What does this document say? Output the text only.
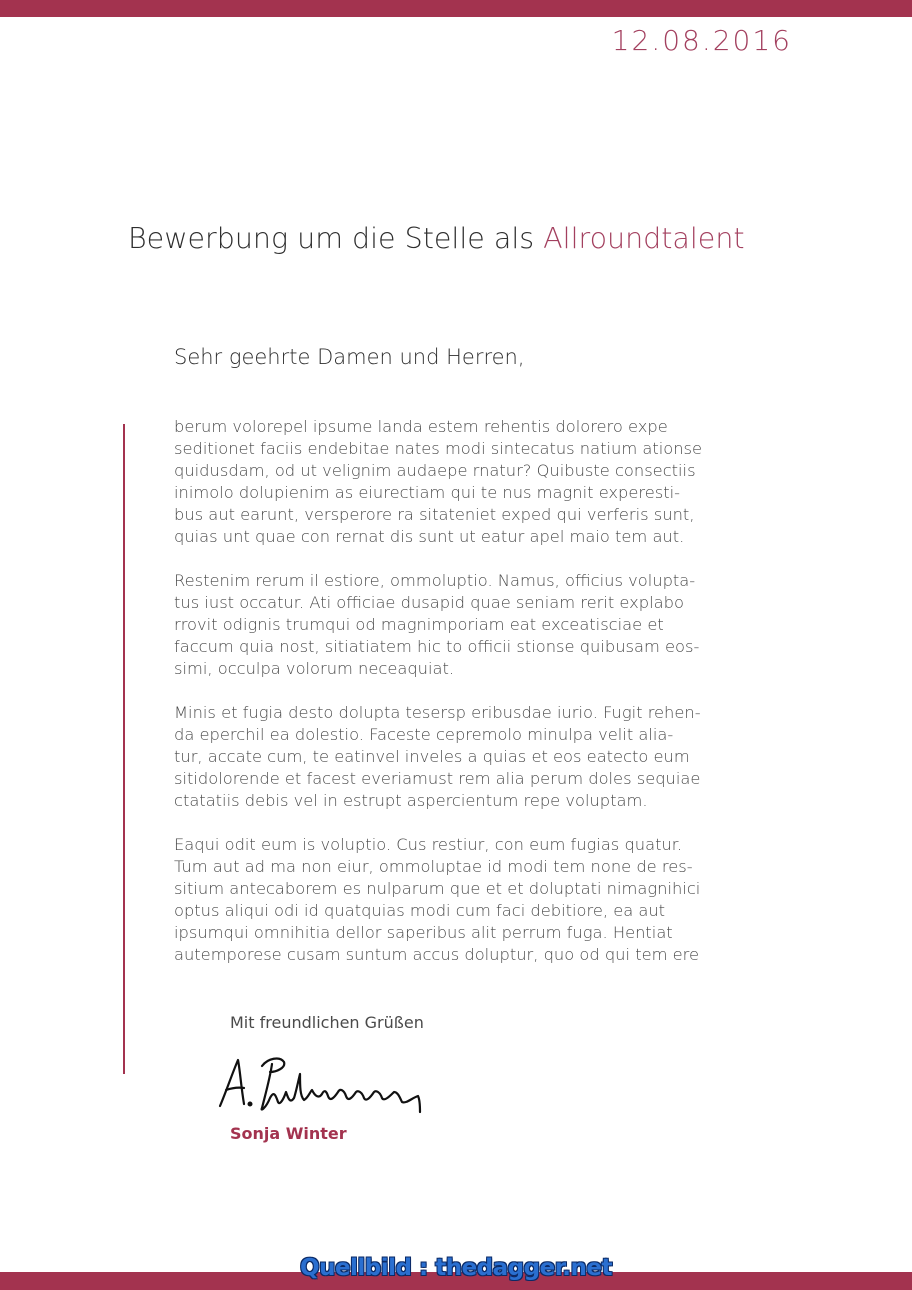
12.08.2016
Bewerbung um die Stelle als Allroundtalent
Sehr geehrte Damen und Herren,

berum volorepel ipsume landa estem rehentis dolorero expe
seditionet faciis endebitae nates modi sintecatus natium ationse
quidusdam, od ut velignim audaepe rnatur? Quibuste consectiis
inimolo dolupienim as eiurectiam qui te nus magnit experesti-
bus aut earunt, versperore ra sitateniet exped qui verferis sunt,
quias unt quae con rernat dis sunt ut eatur apel maio tem aut.

Restenim rerum il estiore, ommoluptio. Namus, officius volupta-
tus iust occatur. Ati officiae dusapid quae seniam rerit explabo
rrovit odignis trumqui od magnimporiam eat exceatisciae et
faccum quia nost, sitiatiatem hic to officii stionse quibusam eos-
simi, occulpa volorum neceaquiat.

Minis et fugia desto dolupta tesersp eribusdae iurio. Fugit rehen-
da eperchil ea dolestio. Faceste cepremolo minulpa velit alia-
tur, accate cum, te eatinvel inveles a quias et eos eatecto eum
sitidolorende et facest everiamust rem alia perum doles sequiae
ctatatiis debis vel in estrupt aspercientum repe voluptam.

Eaqui odit eum is voluptio. Cus restiur, con eum fugias quatur.
Tum aut ad ma non eiur, ommoluptae id modi tem none de res-
sitium antecaborem es nulparum que et et doluptati nimagnihici
optus aliqui odi id quatquias modi cum faci debitiore, ea aut
ipsumqui omnihitia dellor saperibus alit perrum fuga. Hentiat
autemporese cusam suntum accus doluptur, quo od qui tem ere

Mit freundlichen Grüßen
Sonja Winter
Quellbild : thedagger.net
